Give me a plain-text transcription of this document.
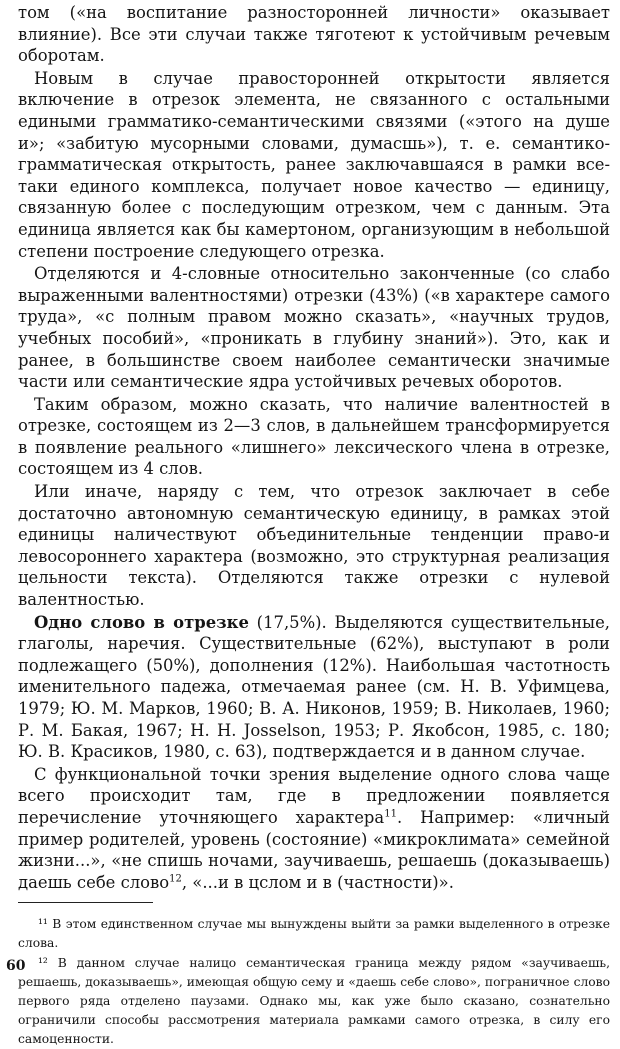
том («на воспитание разносторонней личности» оказывает влияние). Все эти случаи также тяготеют к устойчивым речевым оборотам.

Новым в случае правосторонней открытости является включение в отрезок элемента, не связанного с остальными едиными грамматико-семантическими связями («этого на душе и»; «забитую мусорными словами, думасшь»), т. е. семантико-грамматическая открытость, ранее заключавшаяся в рамки все-таки единого комплекса, получает новое качество — единицу, связанную более с последующим отрезком, чем с данным. Эта единица является как бы камертоном, организующим в небольшой степени построение следующего отрезка.

Отделяются и 4-словные относительно законченные (со слабо выраженными валентностями) отрезки (43%) («в характере самого труда», «с полным правом можно сказать», «научных трудов, учебных пособий», «проникать в глубину знаний»). Это, как и ранее, в большинстве своем наиболее семантически значимые части или семантические ядра устойчивых речевых оборотов.

Таким образом, можно сказать, что наличие валентностей в отрезке, состоящем из 2—3 слов, в дальнейшем трансформируется в появление реального «лишнего» лексического члена в отрезке, состоящем из 4 слов.

Или иначе, наряду с тем, что отрезок заключает в себе достаточно автономную семантическую единицу, в рамках этой единицы наличествуют объединительные тенденции право-и левосороннего характера (возможно, это структурная реализация цельности текста). Отделяются также отрезки с нулевой валентностью.

Одно слово в отрезке (17,5%). Выделяются существительные, глаголы, наречия. Существительные (62%), выступают в роли подлежащего (50%), дополнения (12%). Наибольшая частотность именительного падежа, отмечаемая ранее (см. Н. В. Уфимцева, 1979; Ю. М. Марков, 1960; В. А. Никонов, 1959; В. Николаев, 1960; Р. М. Бакая, 1967; Н. Н. Josselson, 1953; Р. Якобсон, 1985, с. 180; Ю. В. Красиков, 1980, с. 63), подтверждается и в данном случае.

С функциональной точки зрения выделение одного слова чаще всего происходит там, где в предложении появляется перечисление уточняющего характера$^{11}$. Например: «личный пример родителей, уровень (состояние) «микроклимата» семейной жизни...», «не спишь ночами, заучиваешь, решаешь (доказываешь) даешь себе слово$^{12}$, «...и в цслом и в (частности)».

¹¹ В этом единственном случае мы вынуждены выйти за рамки выделенного в отрезке слова.

¹² В данном случае налицо семантическая граница между рядом «заучиваешь, решаешь, доказываешь», имеющая общую сему и «даешь себе слово», пограничное слово первого ряда отделено паузами. Однако мы, как уже было сказано, сознательно ограничили способы рассмотрения материала рамками самого отрезка, в силу его самоценности.

60
